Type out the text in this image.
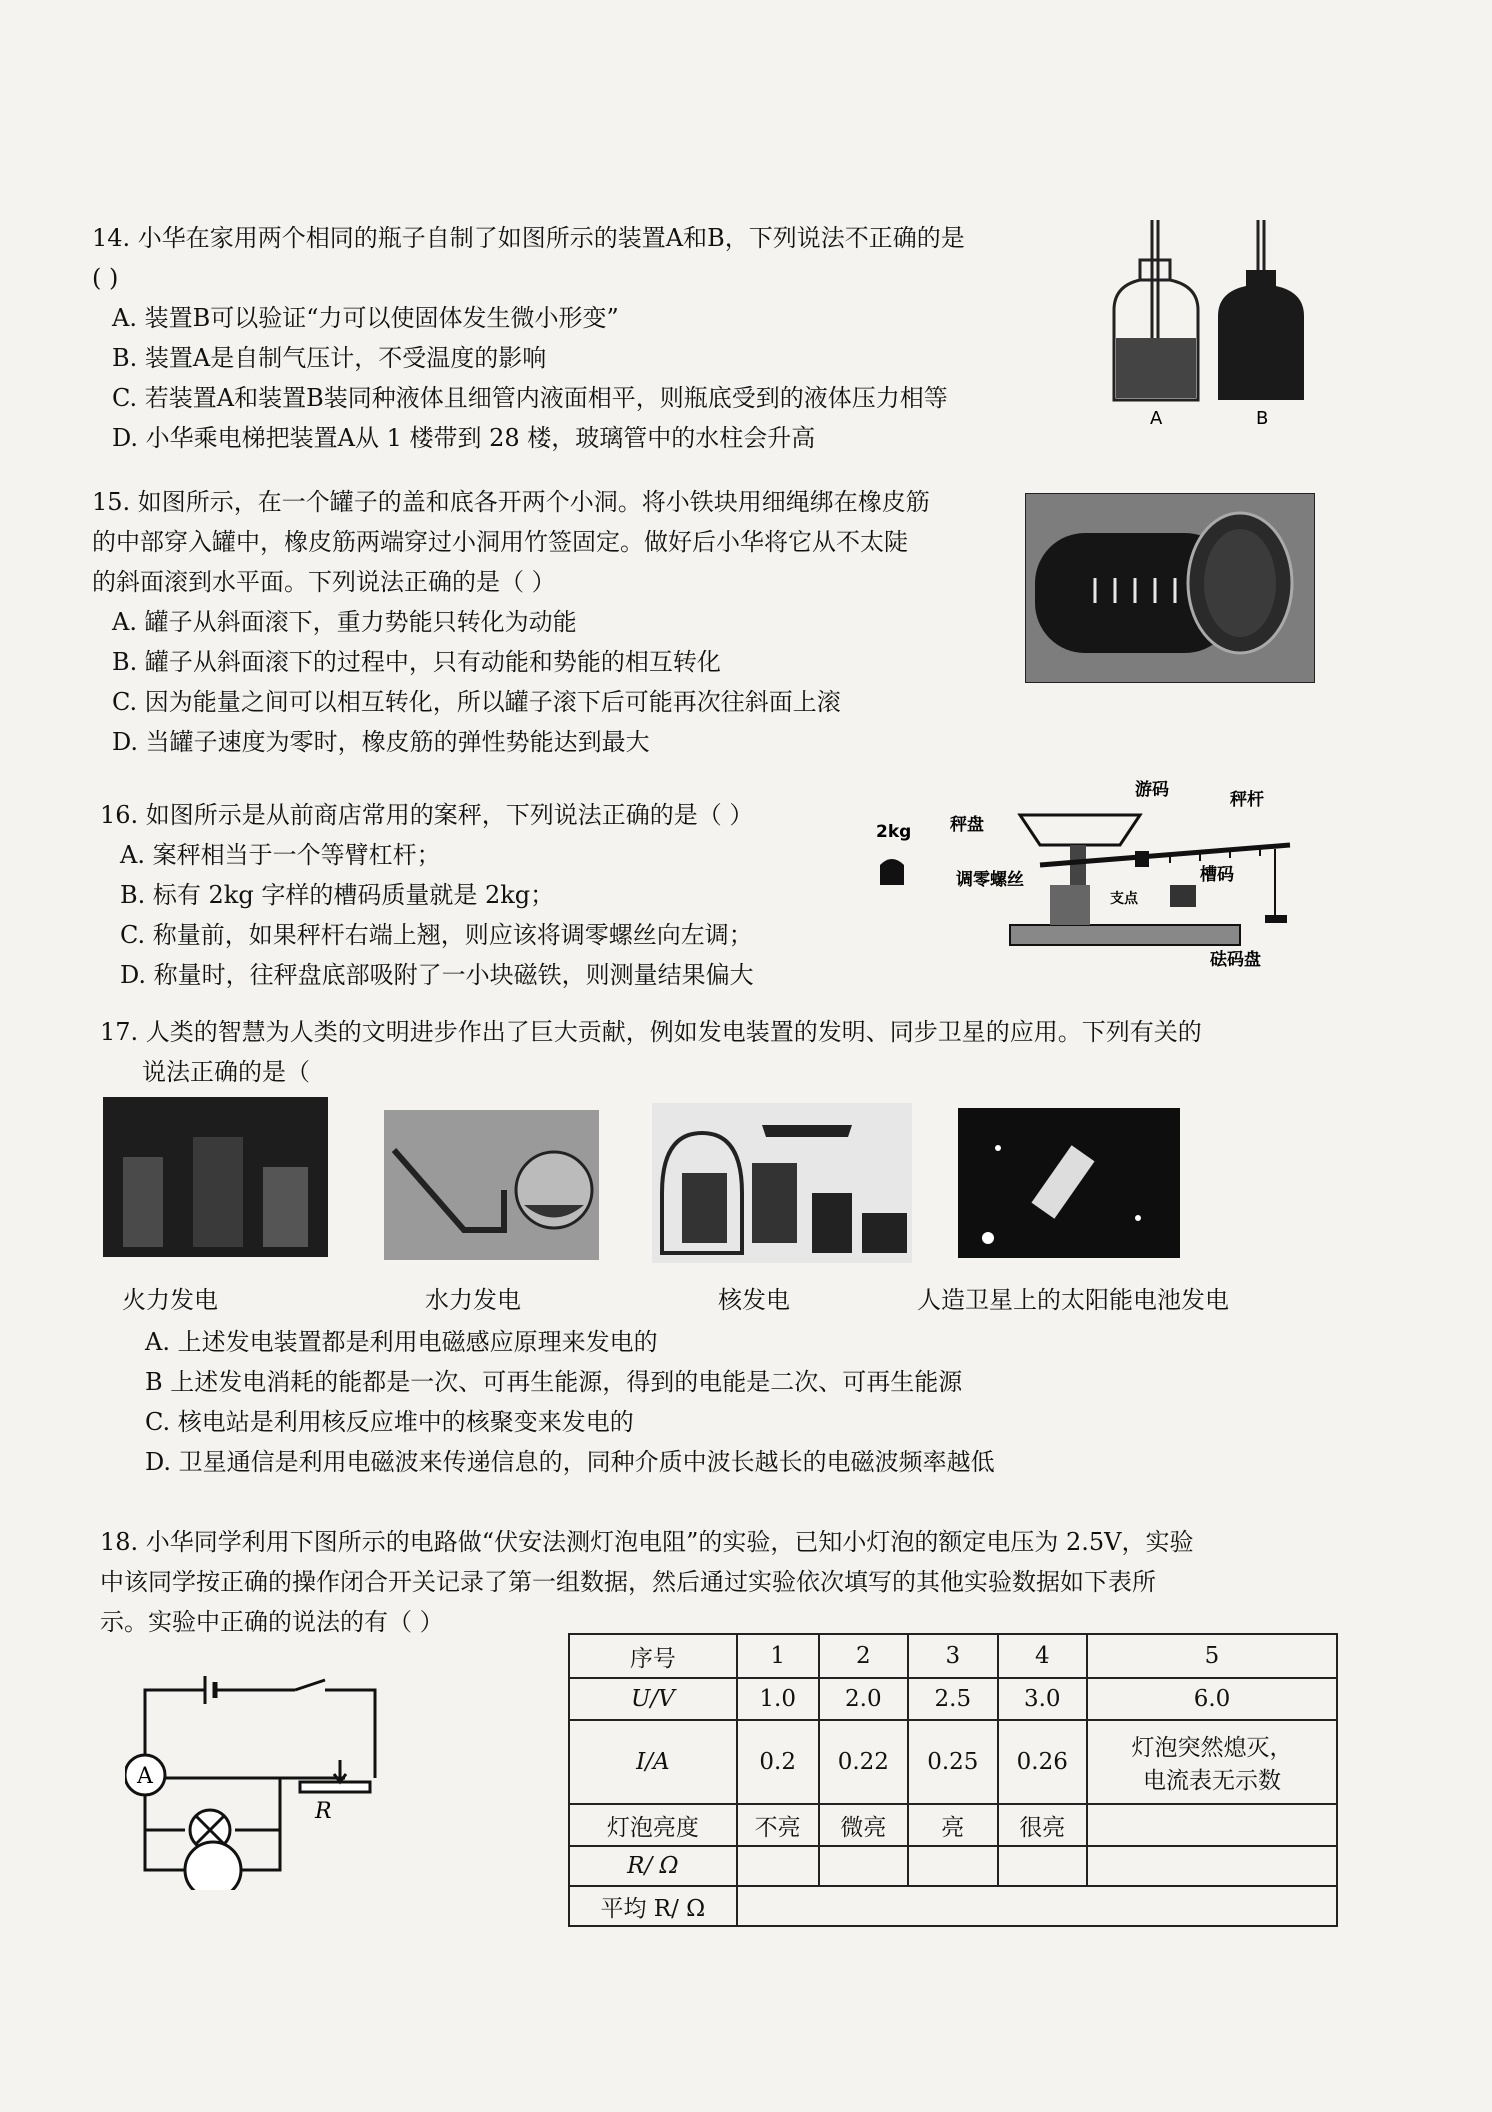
14. 小华在家用两个相同的瓶子自制了如图所示的装置A和B，下列说法不正确的是
( )
A. 装置B可以验证“力可以使固体发生微小形变”
B. 装置A是自制气压计，不受温度的影响
C. 若装置A和装置B装同种液体且细管内液面相平，则瓶底受到的液体压力相等
D. 小华乘电梯把装置A从 1 楼带到 28 楼，玻璃管中的水柱会升高
A	B
15. 如图所示，在一个罐子的盖和底各开两个小洞。将小铁块用细绳绑在橡皮筋
的中部穿入罐中，橡皮筋两端穿过小洞用竹签固定。做好后小华将它从不太陡
的斜面滚到水平面。下列说法正确的是（ ）
A. 罐子从斜面滚下，重力势能只转化为动能
B. 罐子从斜面滚下的过程中，只有动能和势能的相互转化
C. 因为能量之间可以相互转化，所以罐子滚下后可能再次往斜面上滚
D. 当罐子速度为零时，橡皮筋的弹性势能达到最大
16. 如图所示是从前商店常用的案秤，下列说法正确的是（ ）
A. 案秤相当于一个等臂杠杆；
B. 标有 2kg 字样的槽码质量就是 2kg；
C. 称量前，如果秤杆右端上翘，则应该将调零螺丝向左调；
D. 称量时，往秤盘底部吸附了一小块磁铁，则测量结果偏大
2kg 秤盘
游码	秤杆
支点
槽码
调零螺丝
砝码盘
17. 人类的智慧为人类的文明进步作出了巨大贡献，例如发电装置的发明、同步卫星的应用。下列有关的
说法正确的是（
火力发电	水力发电	核发电	人造卫星上的太阳能电池发电
A. 上述发电装置都是利用电磁感应原理来发电的
B 上述发电消耗的能都是一次、可再生能源，得到的电能是二次、可再生能源
C. 核电站是利用核反应堆中的核聚变来发电的
D. 卫星通信是利用电磁波来传递信息的，同种介质中波长越长的电磁波频率越低
18. 小华同学利用下图所示的电路做“伏安法测灯泡电阻”的实验，已知小灯泡的额定电压为 2.5V，实验
中该同学按正确的操作闭合开关记录了第一组数据，然后通过实验依次填写的其他实验数据如下表所
示。实验中正确的说法的有（ ）
A
R
序号	1	2	3	4	5
U/V	1.0	2.0	2.5	3.0	6.0
I/A	0.2	0.22	0.25	0.26	灯泡突然熄灭，
电流表无示数

灯泡亮度	不亮	微亮	亮	很亮	
R/ Ω					
平均 R/ Ω					
